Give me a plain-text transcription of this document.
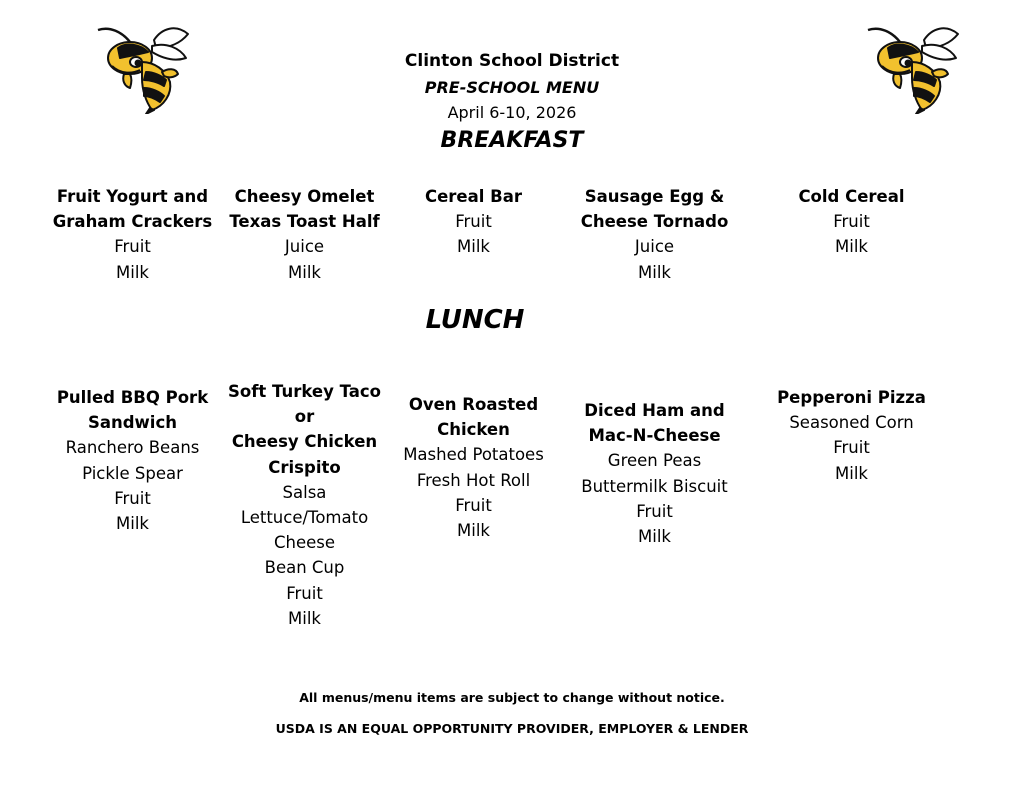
Clinton School District
PRE-SCHOOL MENU
April 6-10, 2026
BREAKFAST
Fruit Yogurt and
Graham Crackers
Fruit
Milk
Cheesy Omelet
Texas Toast Half
Juice
Milk
Cereal Bar
Fruit
Milk
Sausage Egg &
Cheese Tornado
Juice
Milk
Cold Cereal
Fruit
Milk
LUNCH
Pulled BBQ Pork
Sandwich
Ranchero Beans
Pickle Spear
Fruit
Milk
Soft Turkey Taco
or
Cheesy Chicken
Crispito
Salsa
Lettuce/Tomato
Cheese
Bean Cup
Fruit
Milk
Oven Roasted
Chicken
Mashed Potatoes
Fresh Hot Roll
Fruit
Milk
Diced Ham and
Mac-N-Cheese
Green Peas
Buttermilk Biscuit
Fruit
Milk
Pepperoni Pizza
Seasoned Corn
Fruit
Milk
All menus/menu items are subject to change without notice.
USDA IS AN EQUAL OPPORTUNITY PROVIDER, EMPLOYER & LENDER
